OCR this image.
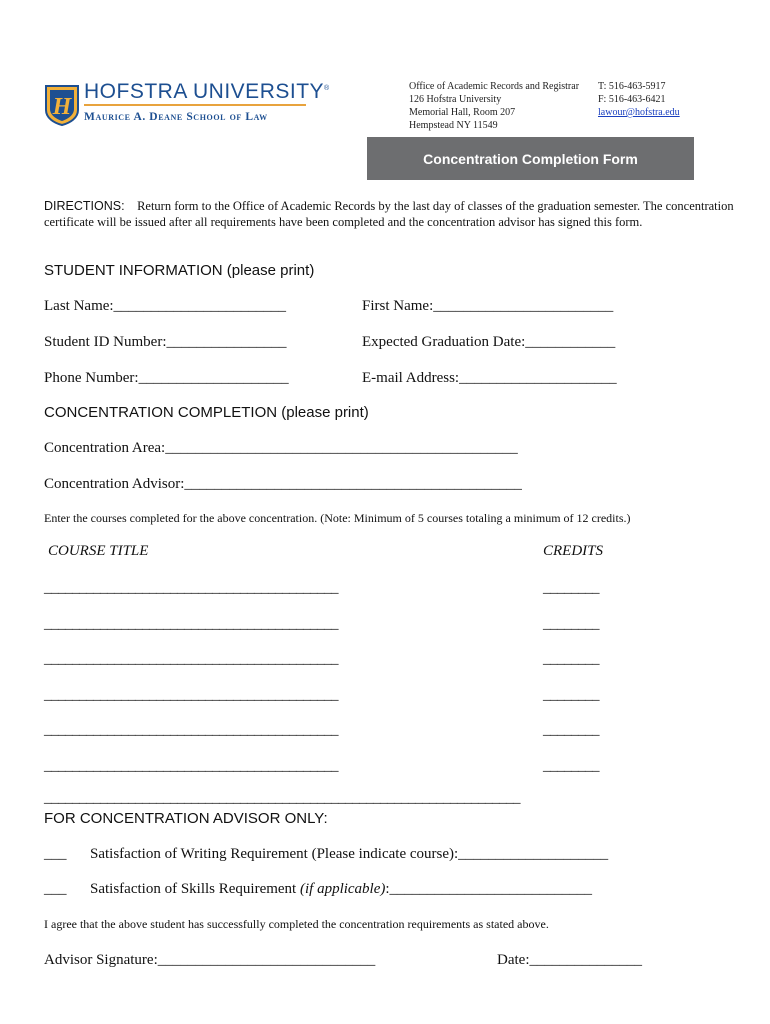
H
HOFSTRA UNIVERSITY®
Maurice A. Deane School of Law
Office of Academic Records and Registrar
126 Hofstra University
Memorial Hall, Room 207
Hempstead NY 11549
T: 516-463-5917
F: 516-463-6421
lawour@hofstra.edu
Concentration Completion Form
DIRECTIONS: Return form to the Office of Academic Records by the last day of classes of the graduation semester. The concentration certificate will be issued after all requirements have been completed and the concentration advisor has signed this form.
STUDENT INFORMATION (please print)
Last Name:_______________________	First Name:________________________
Student ID Number:________________	Expected Graduation Date:____________
Phone Number:____________________	E-mail Address:_____________________
CONCENTRATION COMPLETION (please print)
Concentration Area:_______________________________________________
Concentration Advisor:_____________________________________________
Enter the courses completed for the above concentration. (Note: Minimum of 5 courses totaling a minimum of 12 credits.)
COURSE TITLE	CREDITS
__________________________________________	________
__________________________________________	________
__________________________________________	________
__________________________________________	________
__________________________________________	________
__________________________________________	________
____________________________________________________________________
FOR CONCENTRATION ADVISOR ONLY:
___ Satisfaction of Writing Requirement (Please indicate course):____________________
___ Satisfaction of Skills Requirement (if applicable):___________________________
I agree that the above student has successfully completed the concentration requirements as stated above.
Advisor Signature:_____________________________	Date:_______________
